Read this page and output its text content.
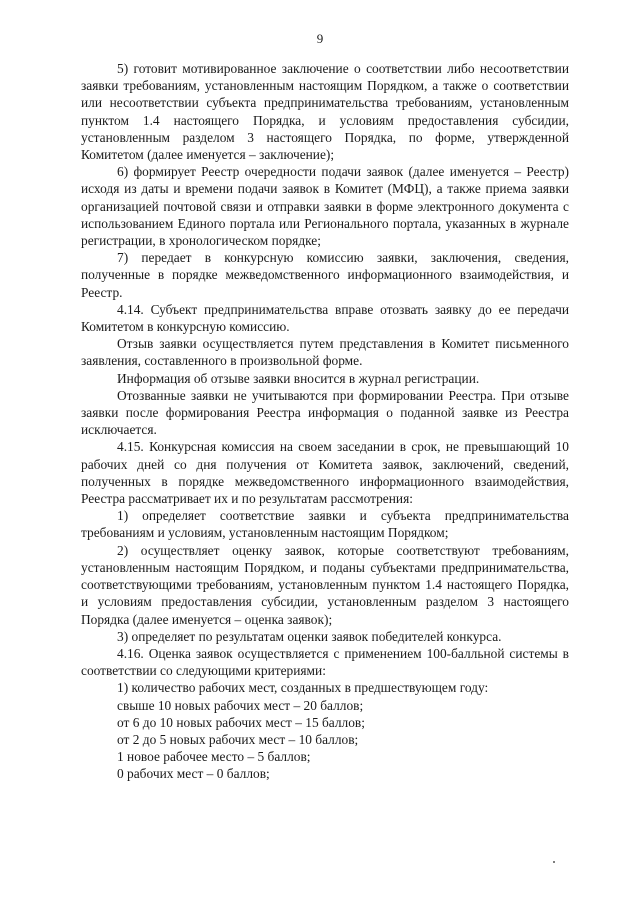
9

5) готовит мотивированное заключение о соответствии либо несоответствии заявки требованиям, установленным настоящим Порядком, а также о соответствии или несоответствии субъекта предпринимательства требованиям, установленным пунктом 1.4 настоящего Порядка, и условиям предоставления субсидии, установленным разделом 3 настоящего Порядка, по форме, утвержденной Комитетом (далее именуется – заключение);

6) формирует Реестр очередности подачи заявок (далее именуется – Реестр) исходя из даты и времени подачи заявок в Комитет (МФЦ), а также приема заявки организацией почтовой связи и отправки заявки в форме электронного документа с использованием Единого портала или Регионального портала, указанных в журнале регистрации, в хронологическом порядке;

7) передает в конкурсную комиссию заявки, заключения, сведения, полученные в порядке межведомственного информационного взаимодействия, и Реестр.

4.14. Субъект предпринимательства вправе отозвать заявку до ее передачи Комитетом в конкурсную комиссию.

Отзыв заявки осуществляется путем представления в Комитет письменного заявления, составленного в произвольной форме.

Информация об отзыве заявки вносится в журнал регистрации.

Отозванные заявки не учитываются при формировании Реестра. При отзыве заявки после формирования Реестра информация о поданной заявке из Реестра исключается.

4.15. Конкурсная комиссия на своем заседании в срок, не превышающий 10 рабочих дней со дня получения от Комитета заявок, заключений, сведений, полученных в порядке межведомственного информационного взаимодействия, Реестра рассматривает их и по результатам рассмотрения:

1) определяет соответствие заявки и субъекта предпринимательства требованиям и условиям, установленным настоящим Порядком;

2) осуществляет оценку заявок, которые соответствуют требованиям, установленным настоящим Порядком, и поданы субъектами предпринимательства, соответствующими требованиям, установленным пунктом 1.4 настоящего Порядка, и условиям предоставления субсидии, установленным разделом 3 настоящего Порядка (далее именуется – оценка заявок);

3) определяет по результатам оценки заявок победителей конкурса.

4.16. Оценка заявок осуществляется с применением 100-балльной системы в соответствии со следующими критериями:

1) количество рабочих мест, созданных в предшествующем году:

свыше 10 новых рабочих мест – 20 баллов;

от 6 до 10 новых рабочих мест – 15 баллов;

от 2 до 5 новых рабочих мест – 10 баллов;

1 новое рабочее место – 5 баллов;

0 рабочих мест – 0 баллов;
